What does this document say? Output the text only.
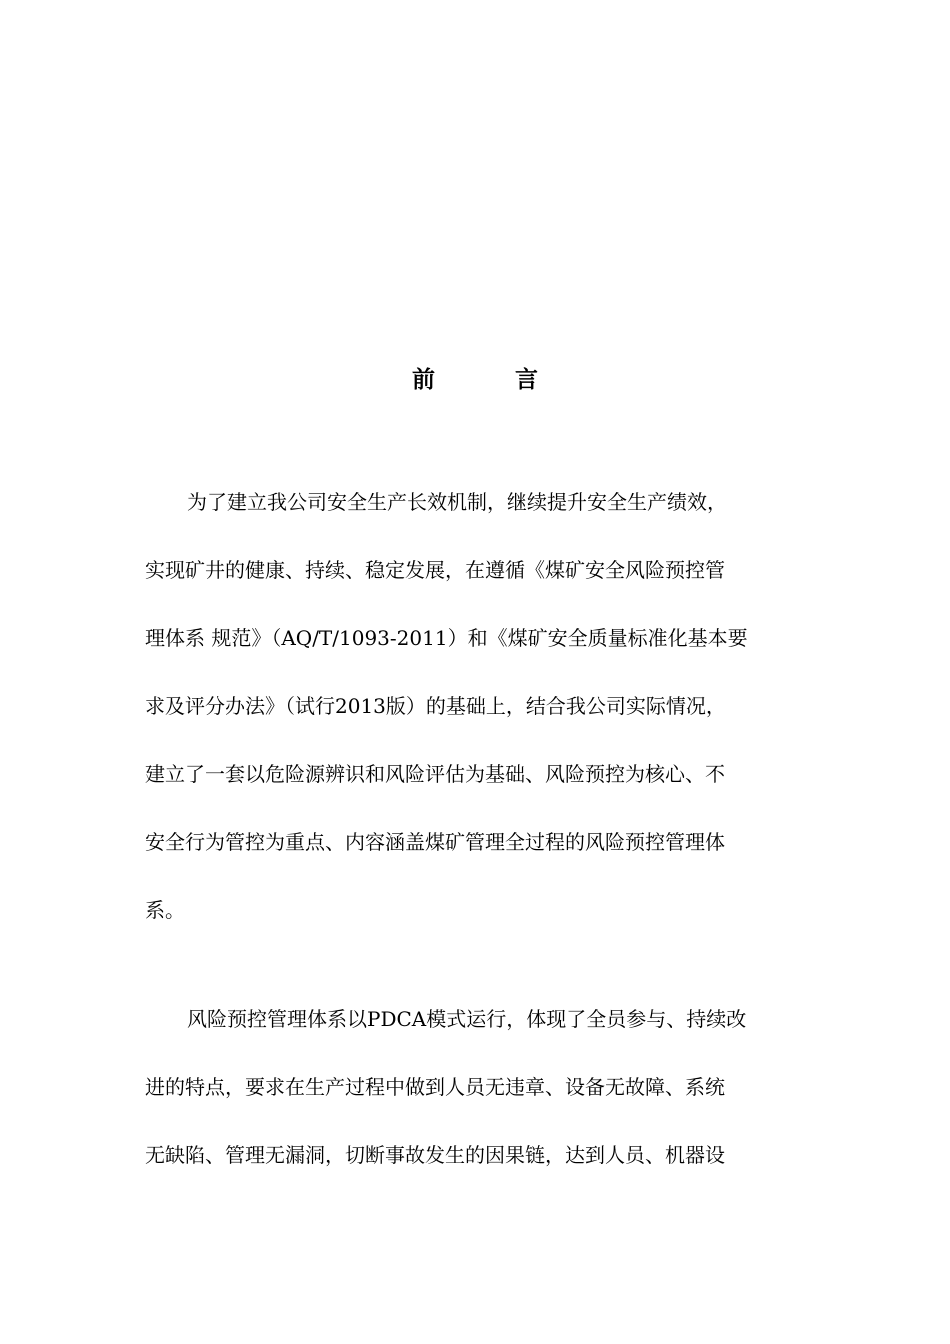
前	言
为了建立我公司安全生产长效机制，继续提升安全生产绩效，
实现矿井的健康、持续、稳定发展，在遵循《煤矿安全风险预控管
理体系 规范》（AQ/T/1093-2011）和《煤矿安全质量标准化基本要
求及评分办法》（试行2013版）的基础上，结合我公司实际情况，
建立了一套以危险源辨识和风险评估为基础、风险预控为核心、不
安全行为管控为重点、内容涵盖煤矿管理全过程的风险预控管理体
系。
风险预控管理体系以PDCA模式运行，体现了全员参与、持续改
进的特点，要求在生产过程中做到人员无违章、设备无故障、系统
无缺陷、管理无漏洞，切断事故发生的因果链，达到人员、机器设
